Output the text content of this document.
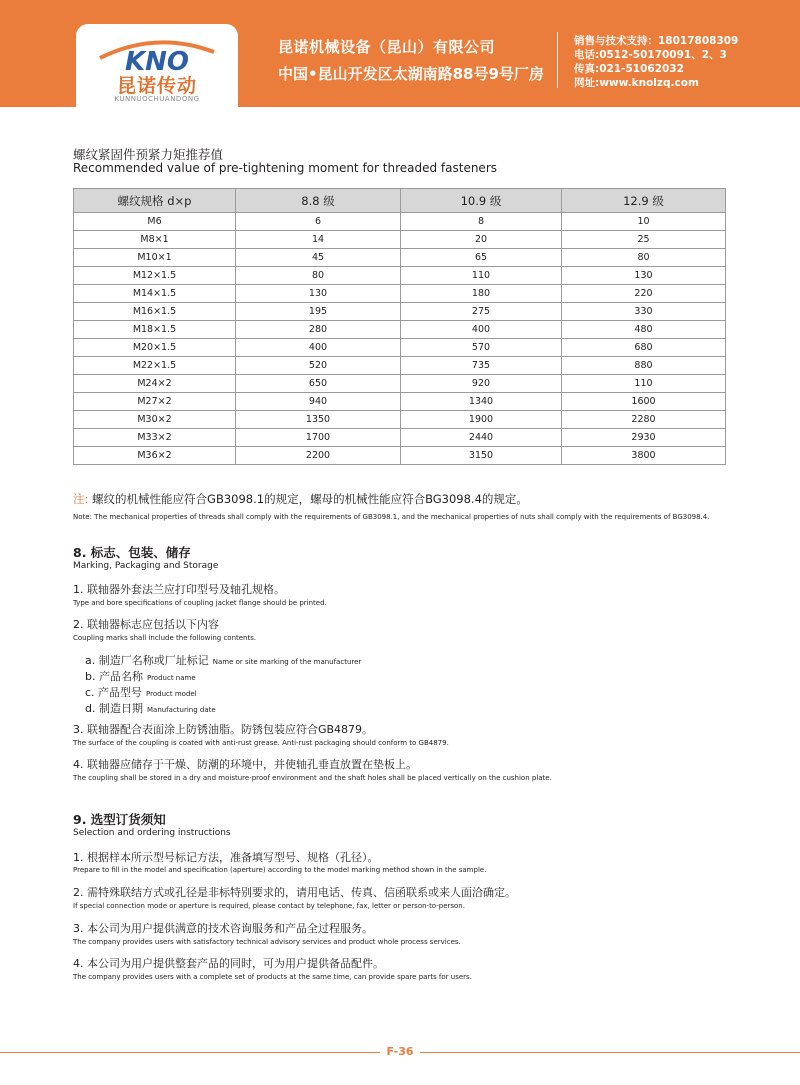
KNO
昆诺传动
KUNNUOCHUANDONG
昆诺机械设备（昆山）有限公司
中国•昆山开发区太湖南路88号9号厂房
销售与技术支持：18017808309
电话:0512-50170091、2、3
传真:021-51062032
网址:www.knolzq.com
螺纹紧固件预紧力矩推荐值
Recommended value of pre-tightening moment for threaded fasteners
螺纹规格 d×p	8.8 级	10.9 级	12.9 级
M6	6	8	10
M8×1	14	20	25
M10×1	45	65	80
M12×1.5	80	110	130
M14×1.5	130	180	220
M16×1.5	195	275	330
M18×1.5	280	400	480
M20×1.5	400	570	680
M22×1.5	520	735	880
M24×2	650	920	110
M27×2	940	1340	1600
M30×2	1350	1900	2280
M33×2	1700	2440	2930
M36×2	2200	3150	3800
注: 螺纹的机械性能应符合GB3098.1的规定，螺母的机械性能应符合BG3098.4的规定。
Note: The mechanical properties of threads shall comply with the requirements of GB3098.1, and the mechanical properties of nuts shall comply with the requirements of BG3098.4.
8. 标志、包装、储存
Marking, Packaging and Storage
1. 联轴器外套法兰应打印型号及轴孔规格。
Type and bore specifications of coupling jacket flange should be printed.
2. 联轴器标志应包括以下内容
Coupling marks shall include the following contents.
a. 制造厂名称或厂址标记 Name or site marking of the manufacturer
b. 产品名称 Product name
c. 产品型号 Product model
d. 制造日期 Manufacturing date
3. 联轴器配合表面涂上防锈油脂。防锈包装应符合GB4879。
The surface of the coupling is coated with anti-rust grease. Anti-rust packaging should conform to GB4879.
4. 联轴器应储存于干燥、防潮的环境中，并使轴孔垂直放置在垫板上。
The coupling shall be stored in a dry and moisture-proof environment and the shaft holes shall be placed vertically on the cushion plate.
9. 选型订货须知
Selection and ordering instructions
1. 根据样本所示型号标记方法，准备填写型号、规格（孔径）。
Prepare to fill in the model and specification (aperture) according to the model marking method shown in the sample.
2. 需特殊联结方式或孔径是非标特别要求的，请用电话、传真、信函联系或来人面洽确定。
If special connection mode or aperture is required, please contact by telephone, fax, letter or person-to-person.
3. 本公司为用户提供满意的技术咨询服务和产品全过程服务。
The company provides users with satisfactory technical advisory services and product whole process services.
4. 本公司为用户提供整套产品的同时，可为用户提供备品配件。
The company provides users with a complete set of products at the same time, can provide spare parts for users.
F-36
